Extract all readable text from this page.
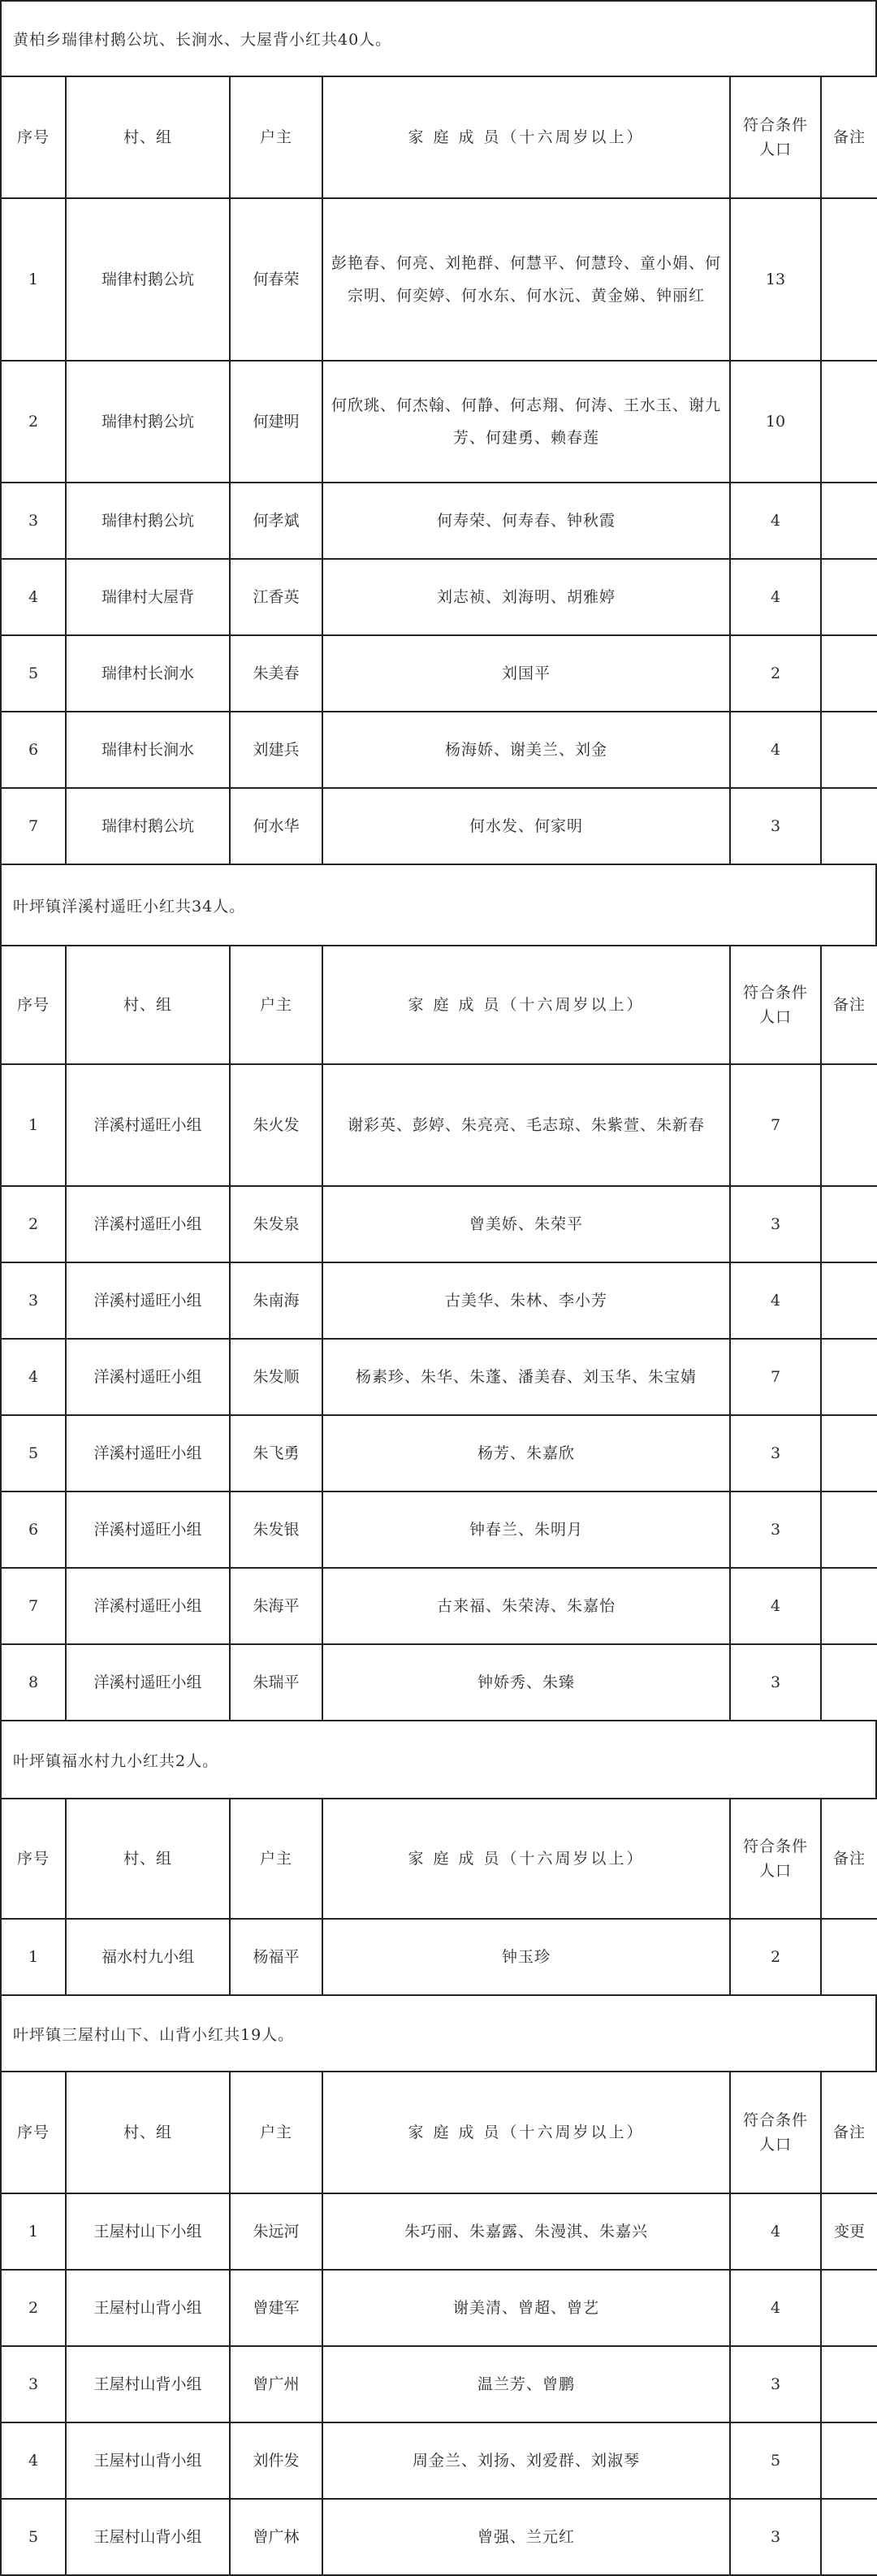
黄柏乡瑞律村鹅公坑、长涧水、大屋背小红共40人。
序号	村、组	户主	家 庭 成 员（十六周岁以上）	符合条件人口	备注
1	瑞律村鹅公坑	何春荣	彭艳春、何亮、刘艳群、何慧平、何慧玲、童小娟、何宗明、何奕婷、何水东、何水沅、黄金娣、钟丽红	13	
2	瑞律村鹅公坑	何建明	何欣珧、何杰翰、何静、何志翔、何涛、王水玉、谢九芳、何建勇、赖春莲	10	
3	瑞律村鹅公坑	何孝斌	何寿荣、何寿春、钟秋霞	4	
4	瑞律村大屋背	江香英	刘志祯、刘海明、胡雅婷	4	
5	瑞律村长涧水	朱美春	刘国平	2	
6	瑞律村长涧水	刘建兵	杨海娇、谢美兰、刘金	4	
7	瑞律村鹅公坑	何水华	何水发、何家明	3	
叶坪镇洋溪村遥旺小红共34人。
序号	村、组	户主	家 庭 成 员（十六周岁以上）	符合条件人口	备注
1	洋溪村遥旺小组	朱火发	谢彩英、彭婷、朱亮亮、毛志琼、朱紫萱、朱新春	7	
2	洋溪村遥旺小组	朱发泉	曾美娇、朱荣平	3	
3	洋溪村遥旺小组	朱南海	古美华、朱林、李小芳	4	
4	洋溪村遥旺小组	朱发顺	杨素珍、朱华、朱蓬、潘美春、刘玉华、朱宝婧	7	
5	洋溪村遥旺小组	朱飞勇	杨芳、朱嘉欣	3	
6	洋溪村遥旺小组	朱发银	钟春兰、朱明月	3	
7	洋溪村遥旺小组	朱海平	古来福、朱荣涛、朱嘉怡	4	
8	洋溪村遥旺小组	朱瑞平	钟娇秀、朱臻	3	
叶坪镇福水村九小红共2人。
序号	村、组	户主	家 庭 成 员（十六周岁以上）	符合条件人口	备注
1	福水村九小组	杨福平	钟玉珍	2	
叶坪镇三屋村山下、山背小红共19人。
序号	村、组	户主	家 庭 成 员（十六周岁以上）	符合条件人口	备注
1	王屋村山下小组	朱远河	朱巧丽、朱嘉露、朱漫淇、朱嘉兴	4	变更
2	王屋村山背小组	曾建军	谢美清、曾超、曾艺	4	
3	王屋村山背小组	曾广州	温兰芳、曾鹏	3	
4	王屋村山背小组	刘件发	周金兰、刘扬、刘爱群、刘淑琴	5	
5	王屋村山背小组	曾广林	曾强、兰元红	3	
